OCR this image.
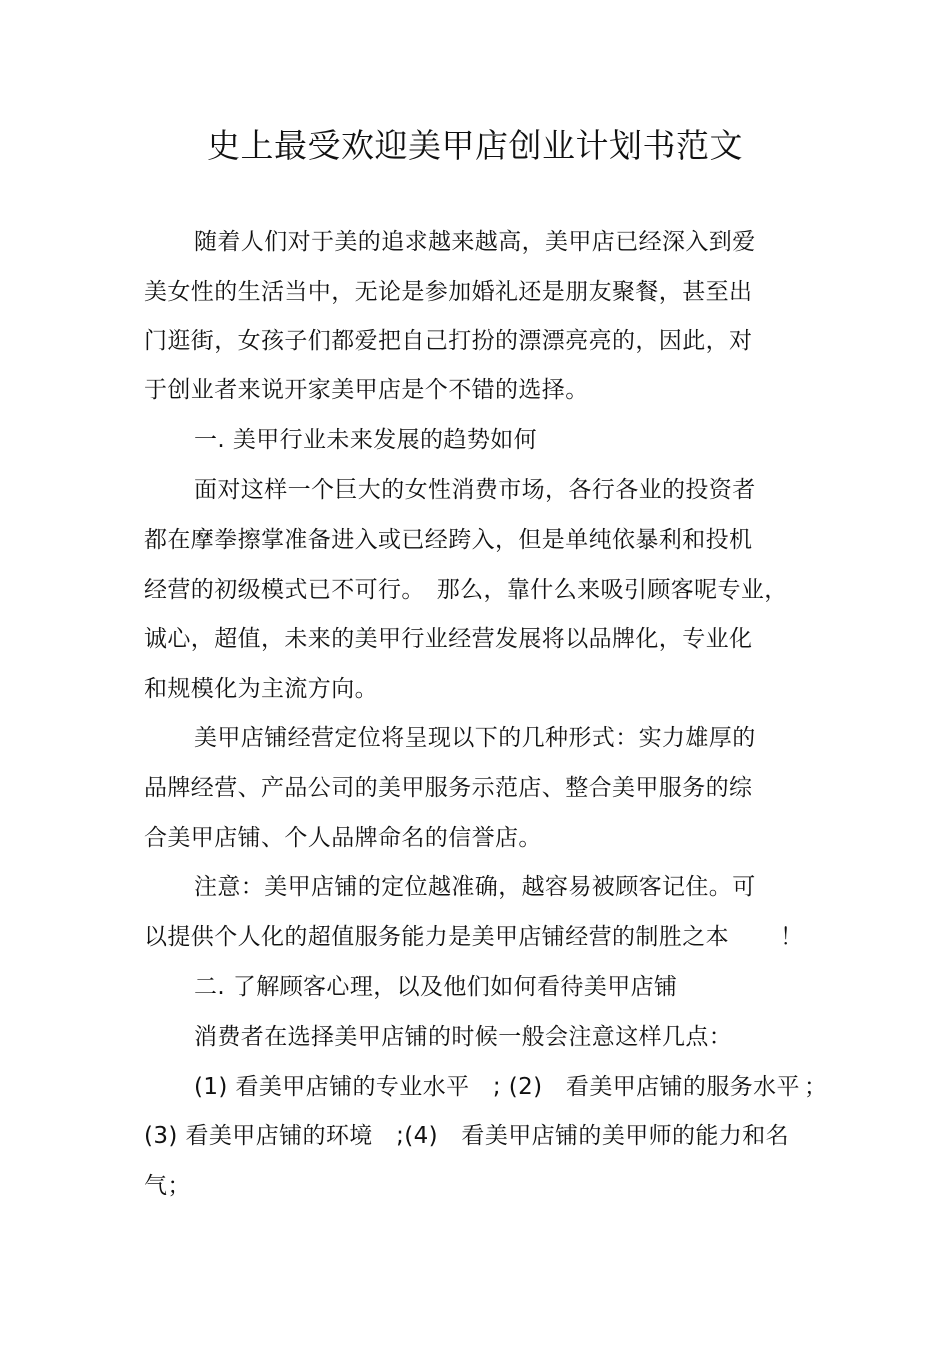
史上最受欢迎美甲店创业计划书范文
随着人们对于美的追求越来越高，美甲店已经深入到爱
美女性的生活当中，无论是参加婚礼还是朋友聚餐，甚至出
门逛街，女孩子们都爱把自己打扮的漂漂亮亮的，因此，对
于创业者来说开家美甲店是个不错的选择。
一. 美甲行业未来发展的趋势如何
面对这样一个巨大的女性消费市场，各行各业的投资者
都在摩拳擦掌准备进入或已经跨入，但是单纯依暴利和投机
经营的初级模式已不可行。　那么，靠什么来吸引顾客呢专业，
诚心，超值，未来的美甲行业经营发展将以品牌化，专业化
和规模化为主流方向。
美甲店铺经营定位将呈现以下的几种形式：实力雄厚的
品牌经营、产品公司的美甲服务示范店、整合美甲服务的综
合美甲店铺、个人品牌命名的信誉店。
注意：美甲店铺的定位越准确，越容易被顾客记住。可
以提供个人化的超值服务能力是美甲店铺经营的制胜之本 ！
二. 了解顾客心理，以及他们如何看待美甲店铺
消费者在选择美甲店铺的时候一般会注意这样几点：
(1) 看美甲店铺的专业水平　; (2)　看美甲店铺的服务水平 ；
(3) 看美甲店铺的环境　;(4)　看美甲店铺的美甲师的能力和名
气；
